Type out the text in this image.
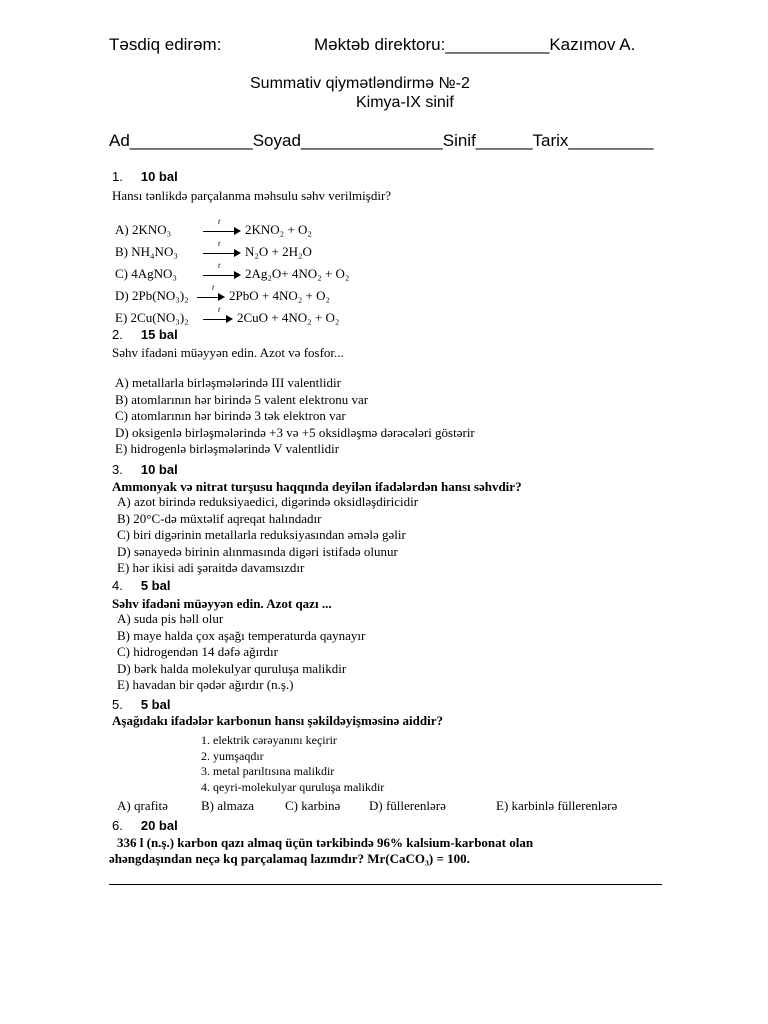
Təsdiq edirəm:	Məktəb direktoru:___________Kazımov A.
Summativ qiymətləndirmə №-2
Kimya-IX sinif
Ad_____________Soyad_______________Sinif______Tarix_________
1. 10 bal
Hansı tənlikdə parçalanma məhsulu səhv verilmişdir?
A) 2KNO₃
t
2KNO₂ + O₂
B) NH₄NO₃
t
N₂O + 2H₂O
C) 4AgNO₃
t
2Ag₂O+ 4NO₂ + O₂
D) 2Pb(NO₃)₂
t
2PbO + 4NO₂ + O₂
E) 2Cu(NO₃)₂
t
2CuO + 4NO₂ + O₂
2. 15 bal
Səhv ifadəni müəyyən edin. Azot və fosfor...
A) metallarla birləşmələrində III valentlidir
B) atomlarının hər birində 5 valent elektronu var
C) atomlarının hər birində 3 tək elektron var
D) oksigenlə birləşmələrində +3 və +5 oksidləşmə dərəcələri göstərir
E) hidrogenlə birləşmələrində V valentlidir
3. 10 bal
Ammonyak və nitrat turşusu haqqında deyilən ifadələrdən hansı səhvdir?
A) azot birində reduksiyaedici, digərində oksidləşdiricidir
B) 20°C-də müxtəlif aqreqat halındadır
C) biri digərinin metallarla reduksiyasından əmələ gəlir
D) sənayedə birinin alınmasında digəri istifadə olunur
E) hər ikisi adi şəraitdə davamsızdır
4. 5 bal
Səhv ifadəni müəyyən edin. Azot qazı ...
A) suda pis həll olur
B) maye halda çox aşağı temperaturda qaynayır
C) hidrogendən 14 dəfə ağırdır
D) bərk halda molekulyar quruluşa malikdir
E) havadan bir qədər ağırdır (n.ş.)
5. 5 bal
Aşağıdakı ifadələr karbonun hansı şəkildəyişməsinə aiddir?
1. elektrik cərəyanını keçirir
2. yumşaqdır
3. metal parıltısına malikdir
4. qeyri-molekulyar quruluşa malikdir
A) qrafitə	B) almaza C) karbinə D) füllerenlərə	E) karbinlə füllerenlərə
6. 20 bal
336 l (n.ş.) karbon qazı almaq üçün tərkibində 96% kalsium-karbonat olan
əhəngdaşından neçə kq parçalamaq lazımdır? Mr(CaCO₃) = 100.
